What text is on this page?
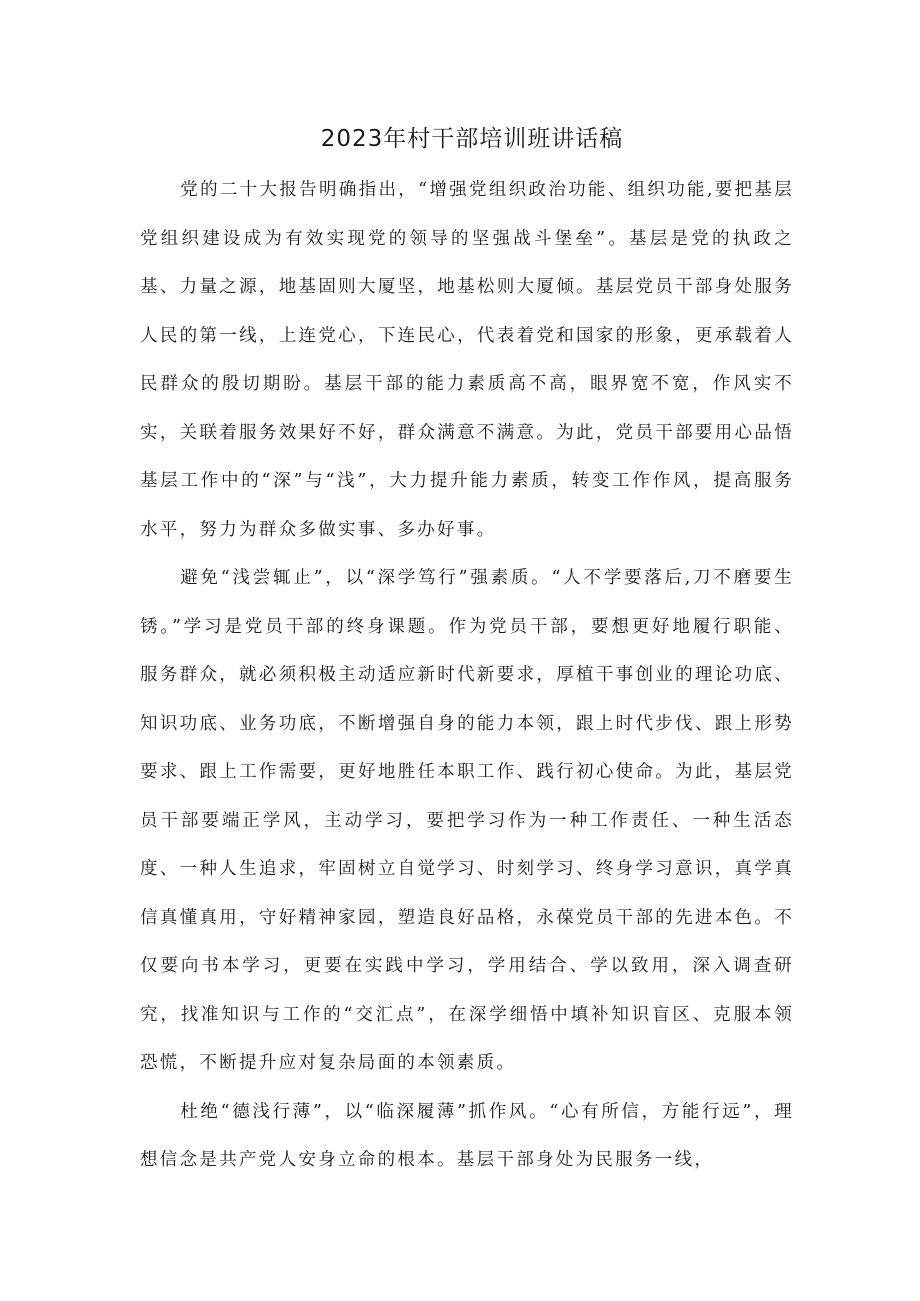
2023年村干部培训班讲话稿

党的二十大报告明确指出，“增强党组织政治功能、组织功能,要把基层党组织建设成为有效实现党的领导的坚强战斗堡垒”。基层是党的执政之基、力量之源，地基固则大厦坚，地基松则大厦倾。基层党员干部身处服务人民的第一线，上连党心，下连民心，代表着党和国家的形象，更承载着人民群众的殷切期盼。基层干部的能力素质高不高，眼界宽不宽，作风实不实，关联着服务效果好不好，群众满意不满意。为此，党员干部要用心品悟基层工作中的“深”与“浅”，大力提升能力素质，转变工作作风，提高服务水平，努力为群众多做实事、多办好事。

避免“浅尝辄止”，以“深学笃行”强素质。“人不学要落后,刀不磨要生锈。”学习是党员干部的终身课题。作为党员干部，要想更好地履行职能、服务群众，就必须积极主动适应新时代新要求，厚植干事创业的理论功底、知识功底、业务功底，不断增强自身的能力本领，跟上时代步伐、跟上形势要求、跟上工作需要，更好地胜任本职工作、践行初心使命。为此，基层党员干部要端正学风，主动学习，要把学习作为一种工作责任、一种生活态度、一种人生追求，牢固树立自觉学习、时刻学习、终身学习意识，真学真信真懂真用，守好精神家园，塑造良好品格，永葆党员干部的先进本色。不仅要向书本学习，更要在实践中学习，学用结合、学以致用，深入调查研究，找准知识与工作的“交汇点”，在深学细悟中填补知识盲区、克服本领恐慌，不断提升应对复杂局面的本领素质。

杜绝“德浅行薄”，以“临深履薄”抓作风。“心有所信，方能行远”，理想信念是共产党人安身立命的根本。基层干部身处为民服务一线，
